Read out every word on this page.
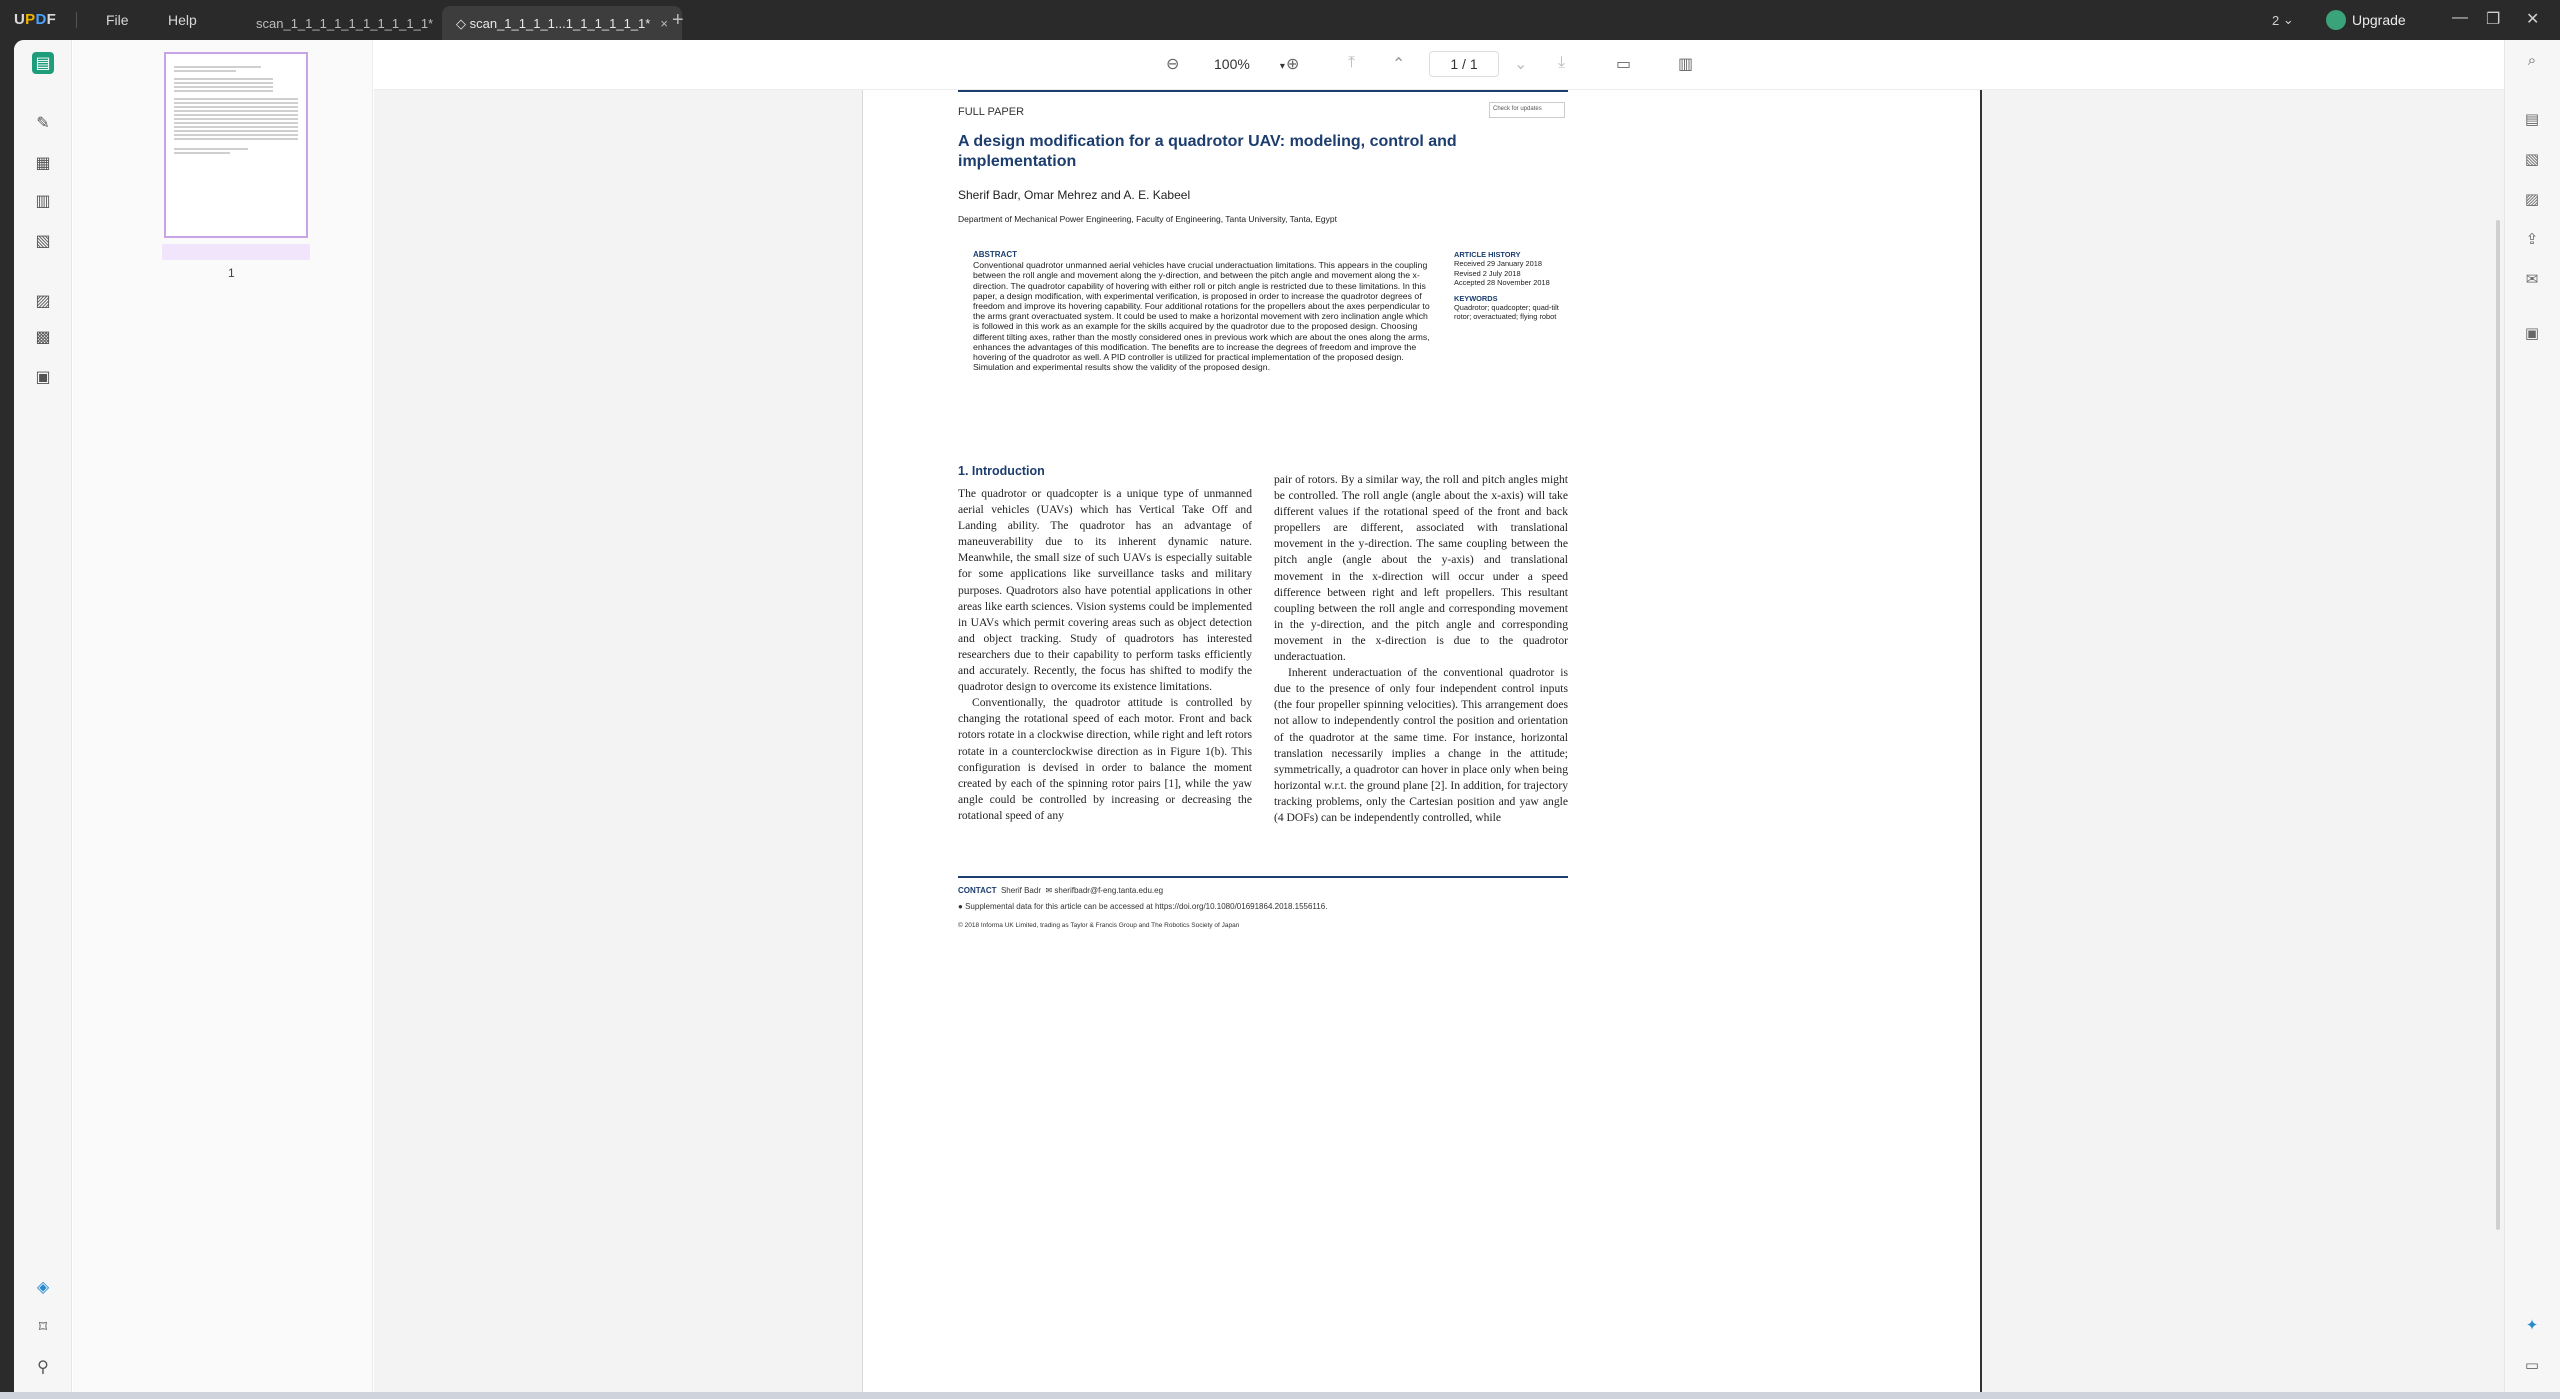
UPDF	File	Help	scan_1_1_1_1_1_1_1_1_1_1*	◇ scan_1_1_1_1...1_1_1_1_1_1* × +	2 ⌄	Upgrade	— ❐ ✕
▤
✎
▦
▥
▧
▨
▩
▣
◈
⌑
⚲
1
⊖ 100%	▾ ⊕	⤒ ⌃	1 / 1	⌄ ⤓	▭	▥
FULL PAPER	Check for updates
A design modification for a quadrotor UAV: modeling, control and implementation
Sherif Badr, Omar Mehrez and A. E. Kabeel
Department of Mechanical Power Engineering, Faculty of Engineering, Tanta University, Tanta, Egypt
ABSTRACT
Conventional quadrotor unmanned aerial vehicles have crucial underactuation limitations. This appears in the coupling between the roll angle and movement along the y-direction, and between the pitch angle and movement along the x-direction. The quadrotor capability of hovering with either roll or pitch angle is restricted due to these limitations. In this paper, a design modification, with experimental verification, is proposed in order to increase the quadrotor degrees of freedom and improve its hovering capability. Four additional rotations for the propellers about the axes perpendicular to the arms grant overactuated system. It could be used to make a horizontal movement with zero inclination angle which is followed in this work as an example for the skills acquired by the quadrotor due to the proposed design. Choosing different tilting axes, rather than the mostly considered ones in previous work which are about the ones along the arms, enhances the advantages of this modification. The benefits are to increase the degrees of freedom and improve the hovering of the quadrotor as well. A PID controller is utilized for practical implementation of the proposed design. Simulation and experimental results show the validity of the proposed design.
ARTICLE HISTORY
Received 29 January 2018
Revised 2 July 2018
Accepted 28 November 2018
KEYWORDS
Quadrotor; quadcopter; quad-tilt rotor; overactuated; flying robot
1. Introduction

The quadrotor or quadcopter is a unique type of unmanned aerial vehicles (UAVs) which has Vertical Take Off and Landing ability. The quadrotor has an advantage of maneuverability due to its inherent dynamic nature. Meanwhile, the small size of such UAVs is especially suitable for some applications like surveillance tasks and military purposes. Quadrotors also have potential applications in other areas like earth sciences. Vision systems could be implemented in UAVs which permit covering areas such as object detection and object tracking. Study of quadrotors has interested researchers due to their capability to perform tasks efficiently and accurately. Recently, the focus has shifted to modify the quadrotor design to overcome its existence limitations.

Conventionally, the quadrotor attitude is controlled by changing the rotational speed of each motor. Front and back rotors rotate in a clockwise direction, while right and left rotors rotate in a counterclockwise direction as in Figure 1(b). This configuration is devised in order to balance the moment created by each of the spinning rotor pairs [1], while the yaw angle could be controlled by increasing or decreasing the rotational speed of any

pair of rotors. By a similar way, the roll and pitch angles might be controlled. The roll angle (angle about the x-axis) will take different values if the rotational speed of the front and back propellers are different, associated with translational movement in the y-direction. The same coupling between the pitch angle (angle about the y-axis) and translational movement in the x-direction will occur under a speed difference between right and left propellers. This resultant coupling between the roll angle and corresponding movement in the y-direction, and the pitch angle and corresponding movement in the x-direction is due to the quadrotor underactuation.

Inherent underactuation of the conventional quadrotor is due to the presence of only four independent control inputs (the four propeller spinning velocities). This arrangement does not allow to independently control the position and orientation of the quadrotor at the same time. For instance, horizontal translation necessarily implies a change in the attitude; symmetrically, a quadrotor can hover in place only when being horizontal w.r.t. the ground plane [2]. In addition, for trajectory tracking problems, only the Cartesian position and yaw angle (4 DOFs) can be independently controlled, while

CONTACT Sherif Badr ✉ sherifbadr@f-eng.tanta.edu.eg
● Supplemental data for this article can be accessed at https://doi.org/10.1080/01691864.2018.1556116.
© 2018 Informa UK Limited, trading as Taylor & Francis Group and The Robotics Society of Japan
⌕
▤
▧
▨
⇪
✉
▣
✦
▭
